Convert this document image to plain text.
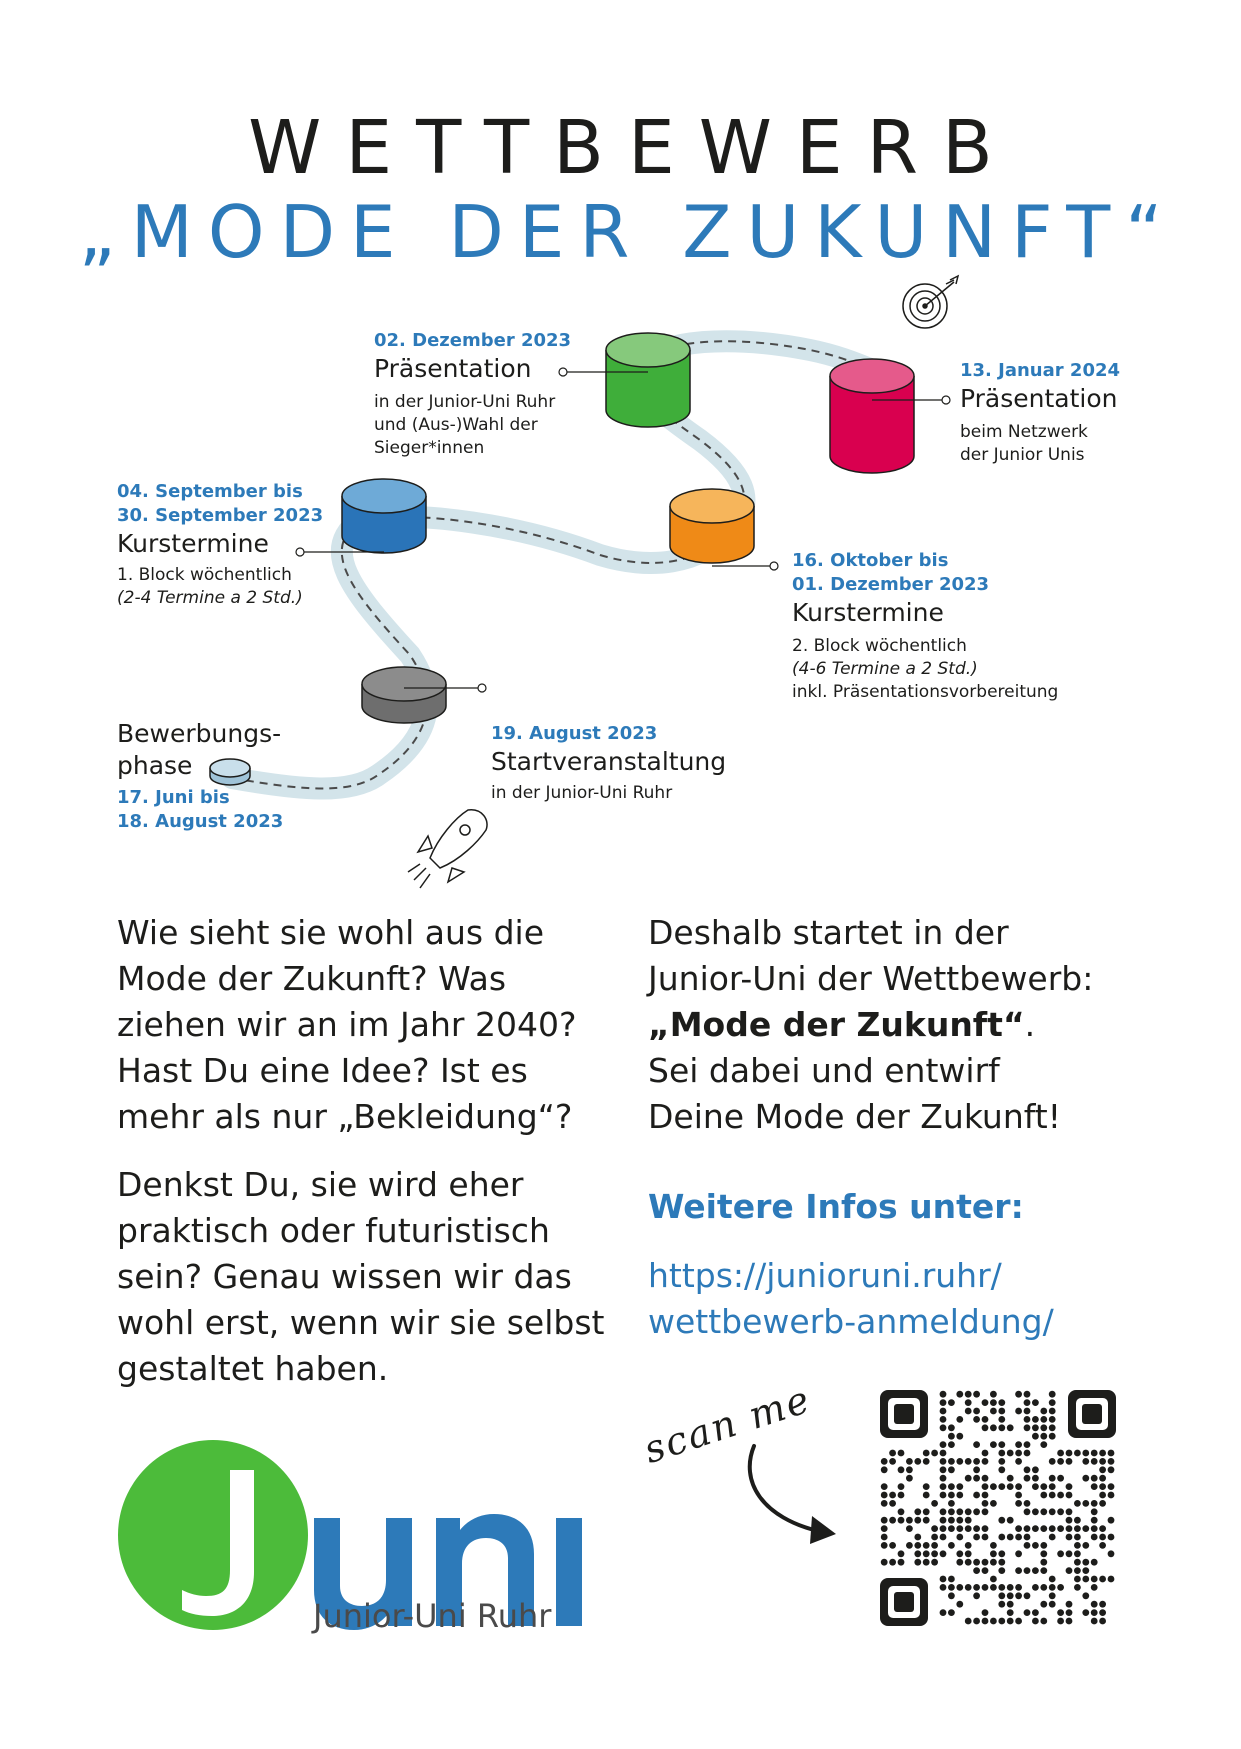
WETTBEWERB
„MODE DER ZUKUNFT“
02. Dezember 2023
Präsentation
in der Junior-Uni Ruhr
und (Aus-)Wahl der
Sieger*innen
13. Januar 2024
Präsentation
beim Netzwerk
der Junior Unis
04. September bis
30. September 2023
Kurstermine
1. Block wöchentlich
(2-4 Termine a 2 Std.)
16. Oktober bis
01. Dezember 2023
Kurstermine
2. Block wöchentlich
(4-6 Termine a 2 Std.)
inkl. Präsentationsvorbereitung
Bewerbungs-
phase
17. Juni bis
18. August 2023
19. August 2023
Startveranstaltung
in der Junior-Uni Ruhr
Wie sieht sie wohl aus die
Mode der Zukunft? Was
ziehen wir an im Jahr 2040?
Hast Du eine Idee? Ist es
mehr als nur „Bekleidung“?
Denkst Du, sie wird eher
praktisch oder futuristisch
sein? Genau wissen wir das
wohl erst, wenn wir sie selbst
gestaltet haben.
Deshalb startet in der
Junior-Uni der Wettbewerb:
„Mode der Zukunft“.
Sei dabei und entwirf
Deine Mode der Zukunft!
Weitere Infos unter:
https://junioruni.ruhr/
wettbewerb-anmeldung/
scan me
Junior-Uni Ruhr
